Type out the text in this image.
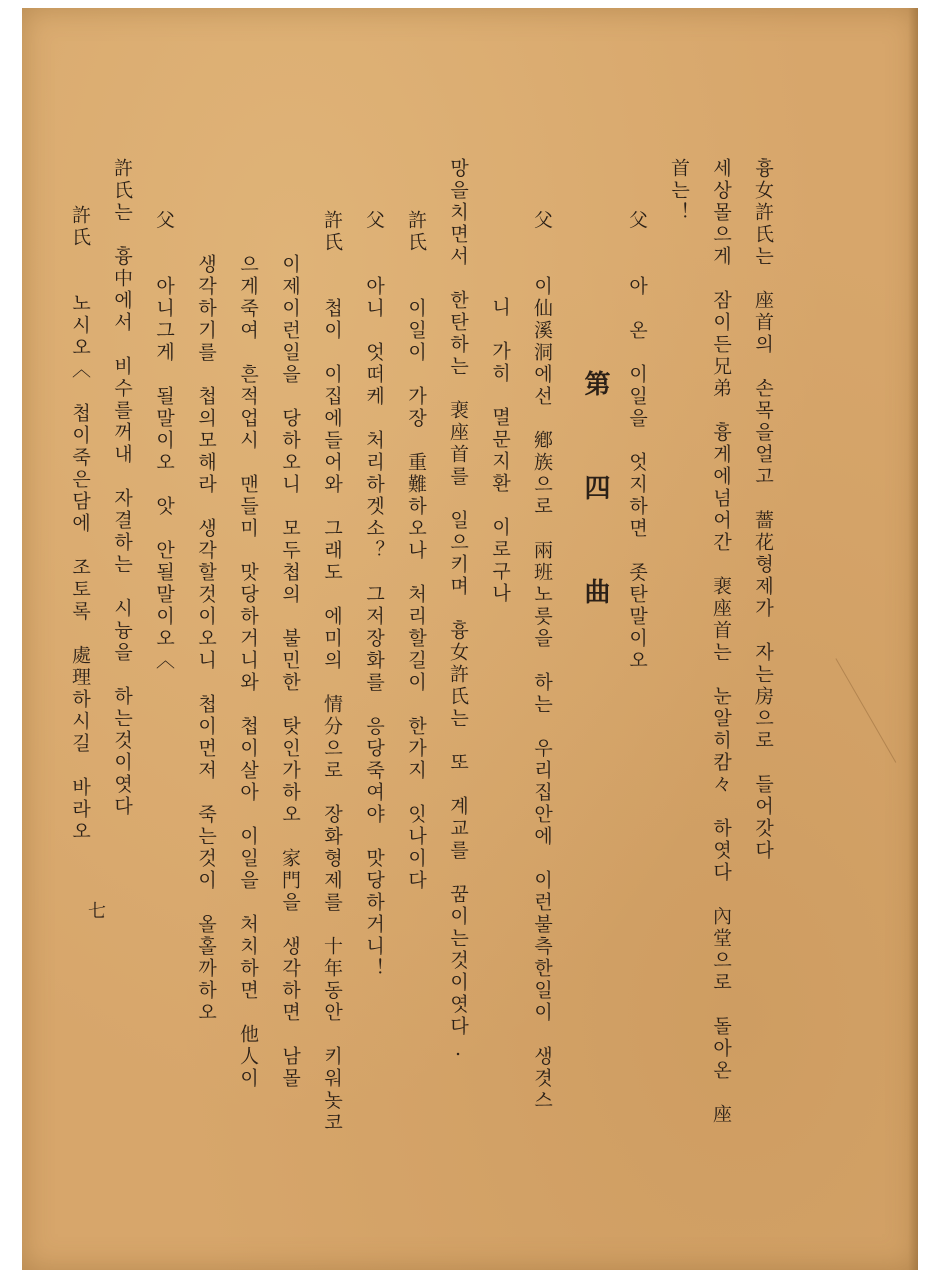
흉女許氏는　座首의　손목을얼고　薔花형제가　자는房으로　들어갓다
세상몰으게　잠이든兄弟　흉게에넘어간　裵座首는　눈알히캄々　하엿다　內堂으로　돌아온　座
首는！
父　　아　온　이일을　엇지하면　좃탄말이오
第 四 曲
父　　이仙溪洞에선　鄕族으로　兩班노릇을　하는　우리집안에　이런불측한일이　생겻스
니　가히　멸문지환　이로구나
망을치면서　한탄하는　裵座首를　일으키며　흉女許氏는　또　계교를　꿈이는것이엿다.
許氏　　이일이　가장　重難하오나　처리할길이　한가지　잇나이다
父　　아니　엇떠케　처리하겟소？　그저장화를　응당죽여야　맛당하거니！
許氏　　첩이　이집에들어와　그래도　에미의　情分으로　장화형제를　十年동안　키워놋코
　　이제이런일을　당하오니　모두첩의　불민한　탓인가하오　家門을　생각하면　남몰
　　으게죽여　흔적업시　맨들미　맛당하거니와　첩이살아　이일을　처치하면　他人이
　　생각하기를　첩의모해라　생각할것이오니　첩이먼저　죽는것이　올홀까하오
父　　아니그게　될말이오　앗　안될말이오〈
許氏는　흉中에서　비수를꺼내　자결하는　시늉을　하는것이엿다
許氏　　노시오〈　첩이죽은담에　조토록　處理하시길　바라오
七
